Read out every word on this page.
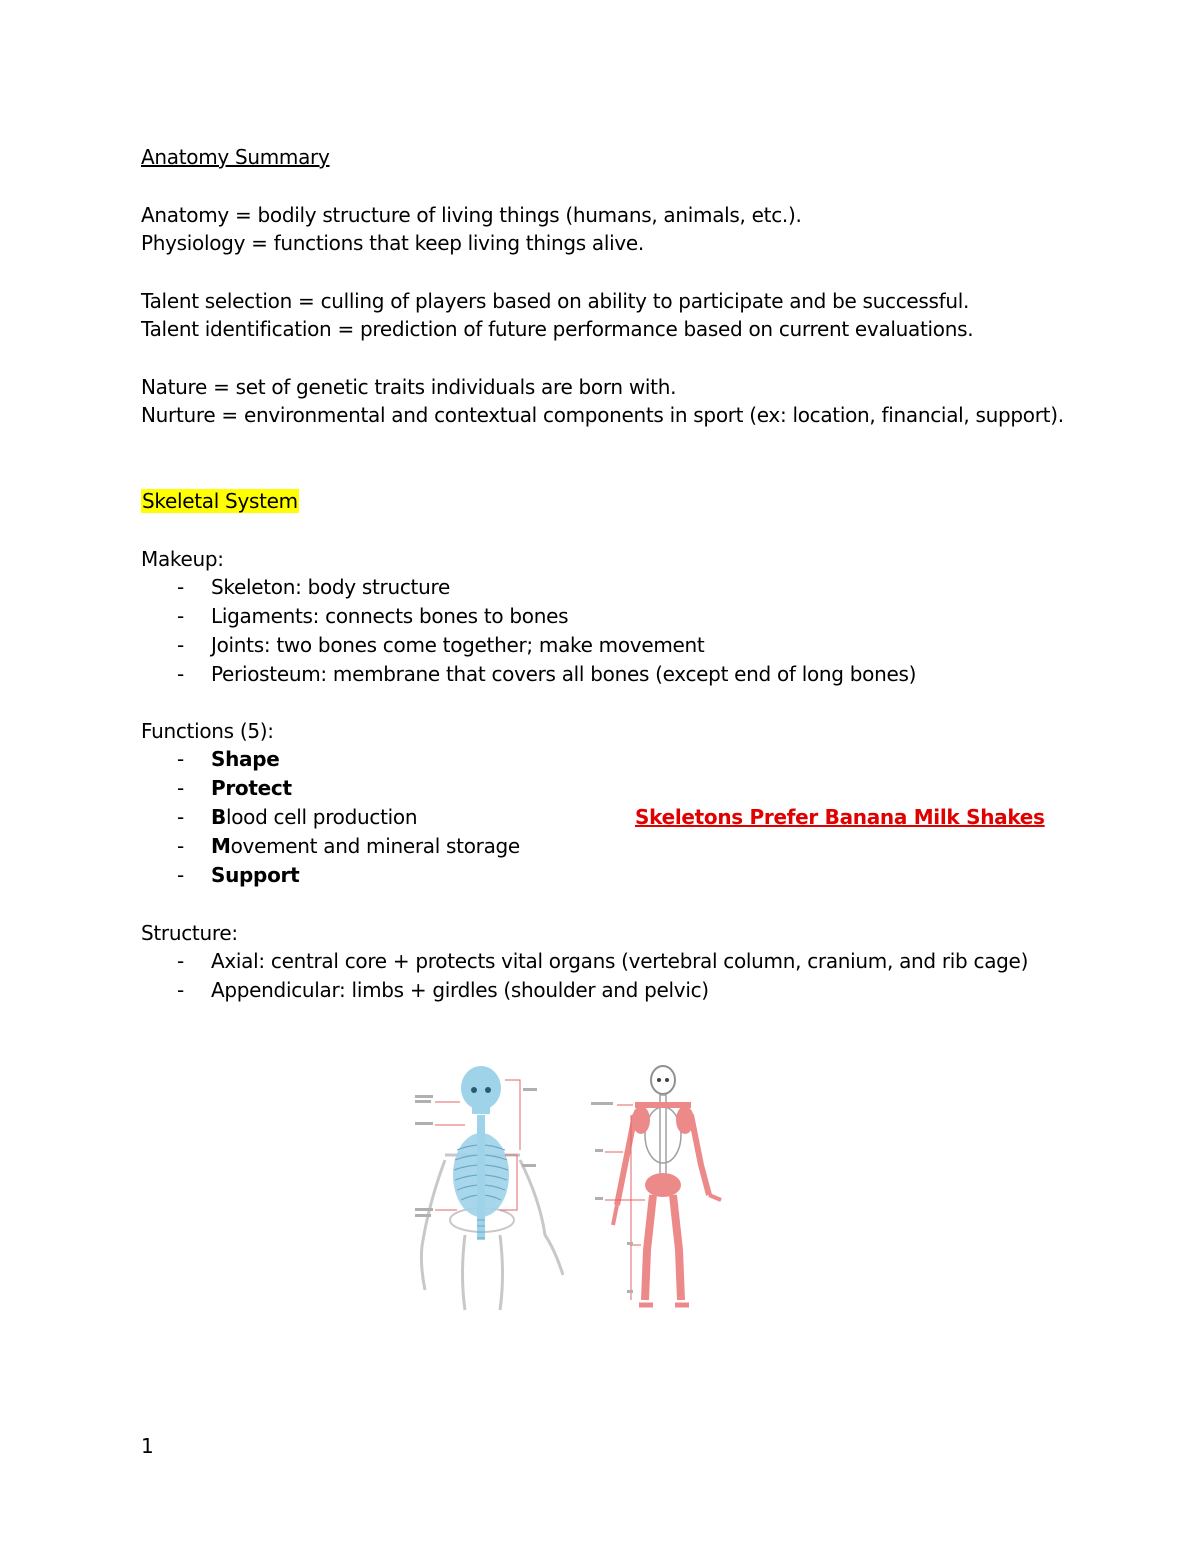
Anatomy Summary
Anatomy = bodily structure of living things (humans, animals, etc.).
Physiology = functions that keep living things alive.
Talent selection = culling of players based on ability to participate and be successful.
Talent identification = prediction of future performance based on current evaluations.
Nature = set of genetic traits individuals are born with.
Nurture = environmental and contextual components in sport (ex: location, financial, support).
Skeletal System
Makeup:
- Skeleton: body structure
- Ligaments: connects bones to bones
- Joints: two bones come together; make movement
- Periosteum: membrane that covers all bones (except end of long bones)
Functions (5):
- Shape
- Protect
- Blood cell production	Skeletons Prefer Banana Milk Shakes
- Movement and mineral storage
- Support
Structure:
- Axial: central core + protects vital organs (vertebral column, cranium, and rib cage)
- Appendicular: limbs + girdles (shoulder and pelvic)
1
